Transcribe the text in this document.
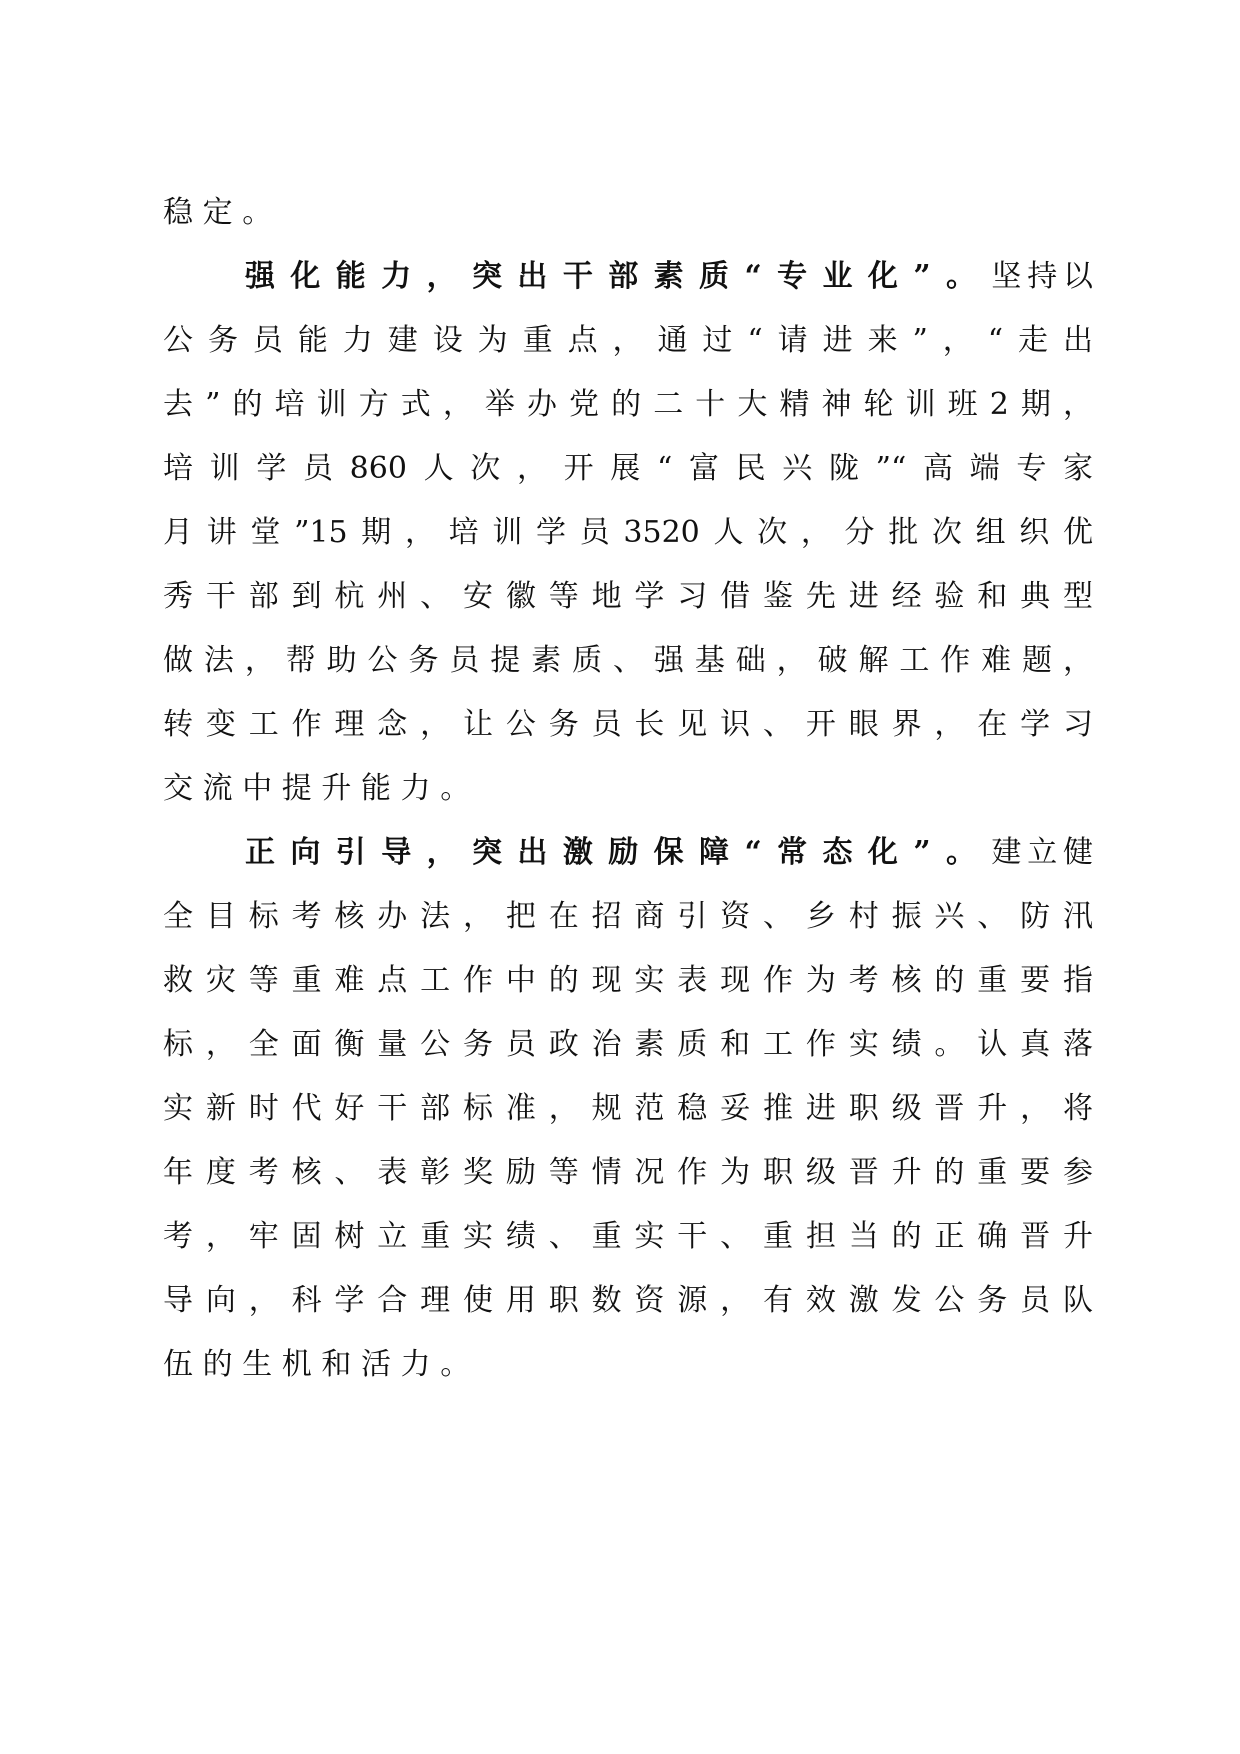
稳定。
强化能力，突出干部素质“专业化”。坚持以
公务员能力建设为重点，通过“请进来”，“走出
去”的培训方式，举办党的二十大精神轮训班2期，
培训学员860人次，开展“富民兴陇”“高端专家
月讲堂”15期，培训学员3520人次，分批次组织优
秀干部到杭州、安徽等地学习借鉴先进经验和典型
做法，帮助公务员提素质、强基础，破解工作难题，
转变工作理念，让公务员长见识、开眼界，在学习
交流中提升能力。
正向引导，突出激励保障“常态化”。建立健
全目标考核办法，把在招商引资、乡村振兴、防汛
救灾等重难点工作中的现实表现作为考核的重要指
标，全面衡量公务员政治素质和工作实绩。认真落
实新时代好干部标准，规范稳妥推进职级晋升，将
年度考核、表彰奖励等情况作为职级晋升的重要参
考，牢固树立重实绩、重实干、重担当的正确晋升
导向，科学合理使用职数资源，有效激发公务员队
伍的生机和活力。
